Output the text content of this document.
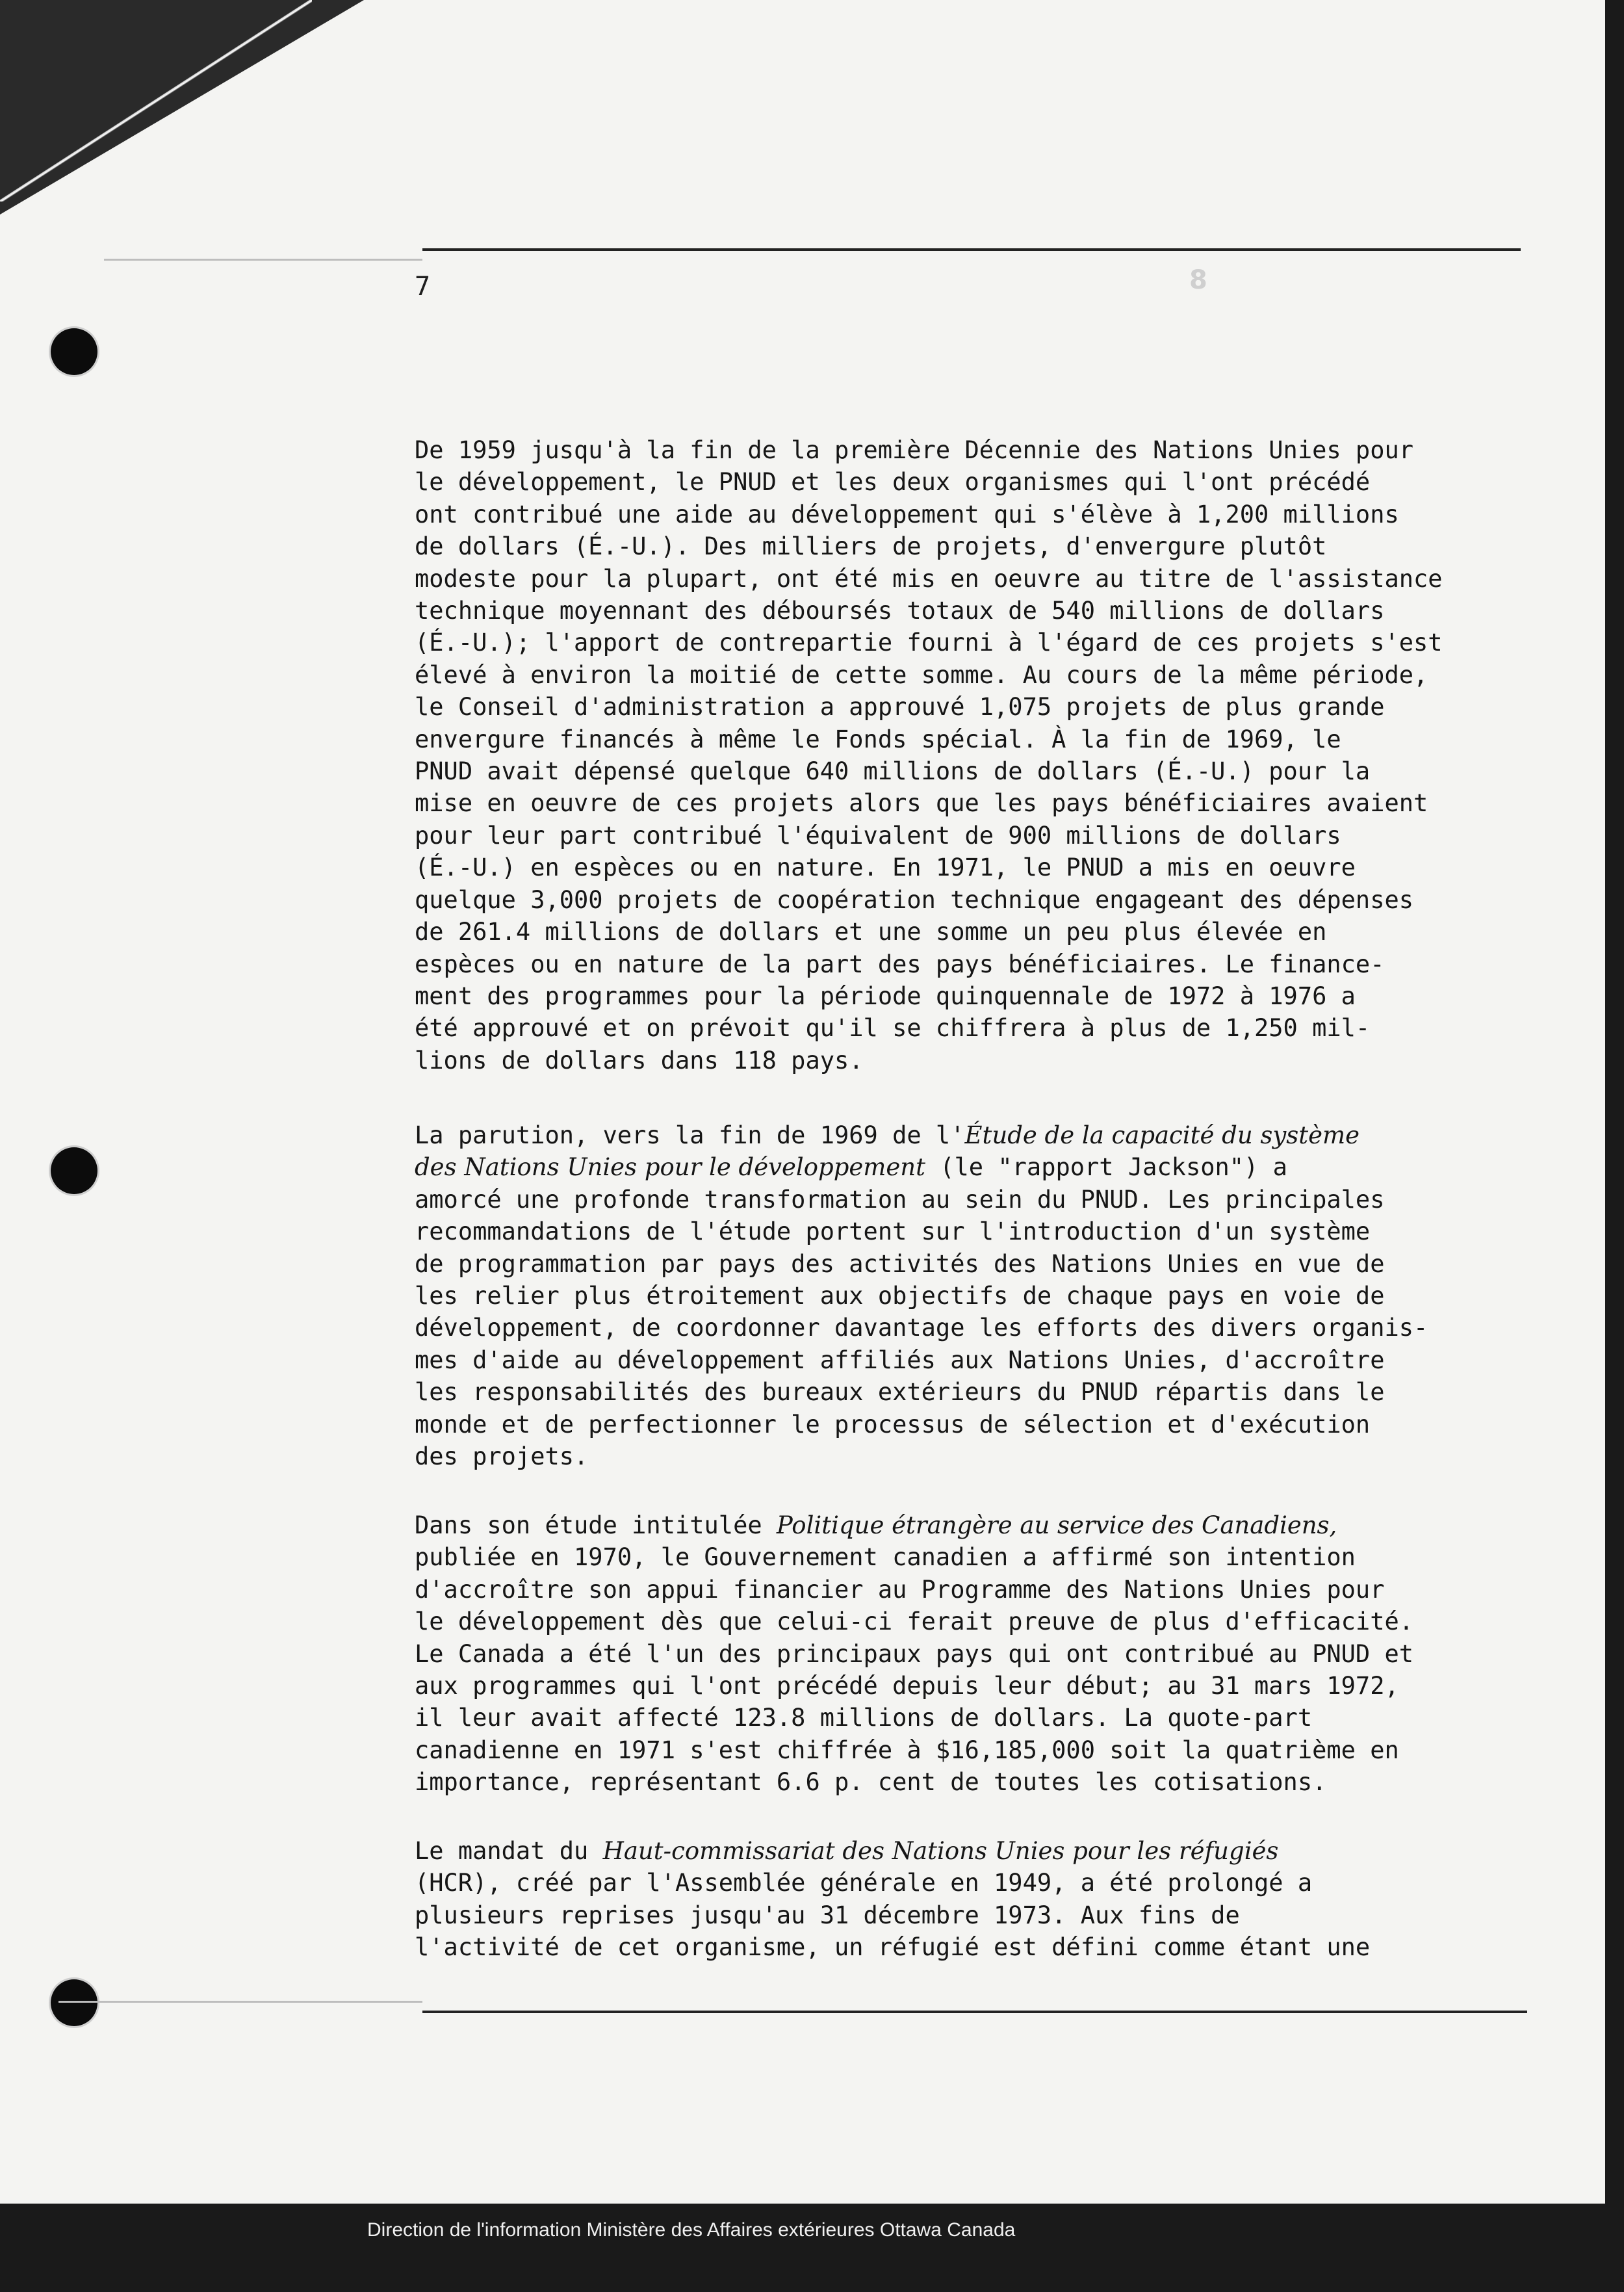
7	8
De 1959 jusqu'à la fin de la première Décennie des Nations Unies pour
le développement, le PNUD et les deux organismes qui l'ont précédé
ont contribué une aide au développement qui s'élève à 1,200 millions
de dollars (É.-U.). Des milliers de projets, d'envergure plutôt
modeste pour la plupart, ont été mis en oeuvre au titre de l'assistance
technique moyennant des déboursés totaux de 540 millions de dollars
(É.-U.); l'apport de contrepartie fourni à l'égard de ces projets s'est
élevé à environ la moitié de cette somme. Au cours de la même période,
le Conseil d'administration a approuvé 1,075 projets de plus grande
envergure financés à même le Fonds spécial. À la fin de 1969, le
PNUD avait dépensé quelque 640 millions de dollars (É.-U.) pour la
mise en oeuvre de ces projets alors que les pays bénéficiaires avaient
pour leur part contribué l'équivalent de 900 millions de dollars
(É.-U.) en espèces ou en nature. En 1971, le PNUD a mis en oeuvre
quelque 3,000 projets de coopération technique engageant des dépenses
de 261.4 millions de dollars et une somme un peu plus élevée en
espèces ou en nature de la part des pays bénéficiaires. Le finance-
ment des programmes pour la période quinquennale de 1972 à 1976 a
été approuvé et on prévoit qu'il se chiffrera à plus de 1,250 mil-
lions de dollars dans 118 pays.
La parution, vers la fin de 1969 de l'Étude de la capacité du système
des Nations Unies pour le développement (le "rapport Jackson") a
amorcé une profonde transformation au sein du PNUD. Les principales
recommandations de l'étude portent sur l'introduction d'un système
de programmation par pays des activités des Nations Unies en vue de
les relier plus étroitement aux objectifs de chaque pays en voie de
développement, de coordonner davantage les efforts des divers organis-
mes d'aide au développement affiliés aux Nations Unies, d'accroître
les responsabilités des bureaux extérieurs du PNUD répartis dans le
monde et de perfectionner le processus de sélection et d'exécution
des projets.
Dans son étude intitulée Politique étrangère au service des Canadiens,
publiée en 1970, le Gouvernement canadien a affirmé son intention
d'accroître son appui financier au Programme des Nations Unies pour
le développement dès que celui-ci ferait preuve de plus d'efficacité.
Le Canada a été l'un des principaux pays qui ont contribué au PNUD et
aux programmes qui l'ont précédé depuis leur début; au 31 mars 1972,
il leur avait affecté 123.8 millions de dollars. La quote-part
canadienne en 1971 s'est chiffrée à $16,185,000 soit la quatrième en
importance, représentant 6.6 p. cent de toutes les cotisations.
Le mandat du Haut-commissariat des Nations Unies pour les réfugiés
(HCR), créé par l'Assemblée générale en 1949, a été prolongé a
plusieurs reprises jusqu'au 31 décembre 1973. Aux fins de
l'activité de cet organisme, un réfugié est défini comme étant une
Direction de l'information Ministère des Affaires extérieures Ottawa Canada
